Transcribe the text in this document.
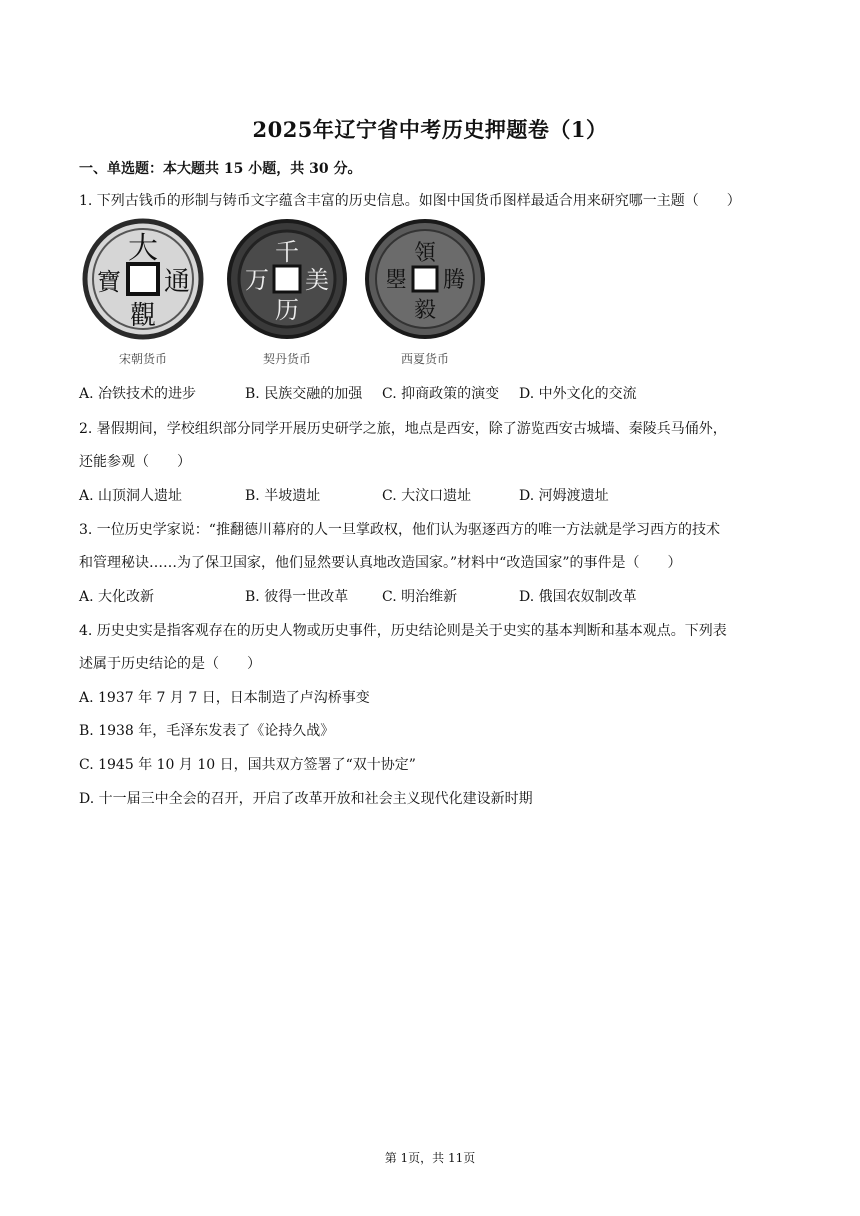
2025年辽宁省中考历史押题卷（1）
一、单选题：本大题共 15 小题，共 30 分。
1. 下列古钱币的形制与铸币文字蕴含丰富的历史信息。如图中国货币图样最适合用来研究哪一主题（　　）
大
通
觀
寶
宋朝货币
千
美
历
万
契丹货币
領
腾
毅
瞾
西夏货币
A. 冶铁技术的进步	B. 民族交融的加强	C. 抑商政策的演变	D. 中外文化的交流
2. 暑假期间，学校组织部分同学开展历史研学之旅，地点是西安，除了游览西安古城墙、秦陵兵马俑外，
还能参观（　　）
A. 山顶洞人遗址	B. 半坡遗址	C. 大汶口遗址	D. 河姆渡遗址
3. 一位历史学家说：“推翻德川幕府的人一旦掌政权，他们认为驱逐西方的唯一方法就是学习西方的技术
和管理秘诀……为了保卫国家，他们显然要认真地改造国家。”材料中“改造国家”的事件是（　　）
A. 大化改新	B. 彼得一世改革	C. 明治维新	D. 俄国农奴制改革
4. 历史史实是指客观存在的历史人物或历史事件，历史结论则是关于史实的基本判断和基本观点。下列表
述属于历史结论的是（　　）
A. 1937 年 7 月 7 日，日本制造了卢沟桥事变
B. 1938 年，毛泽东发表了《论持久战》
C. 1945 年 10 月 10 日，国共双方签署了“双十协定”
D. 十一届三中全会的召开，开启了改革开放和社会主义现代化建设新时期
第 1页，共 11页
